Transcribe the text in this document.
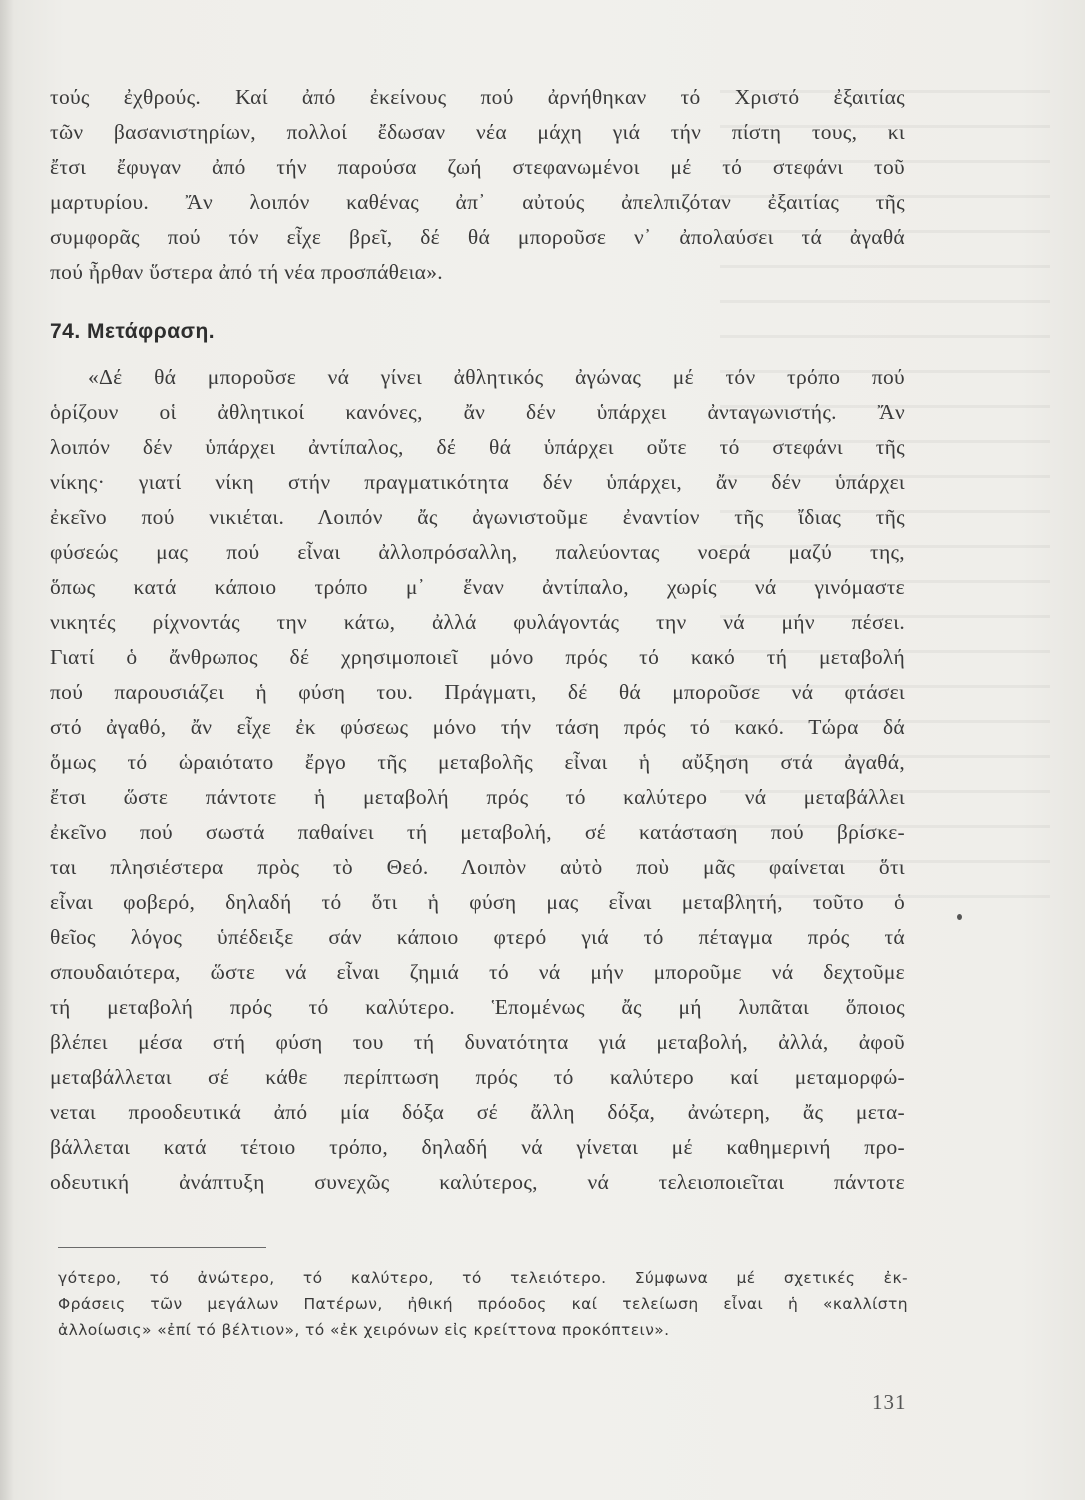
τούς ἐχθρούς. Καί ἀπό ἐκείνους πού ἀρνήθηκαν τό Χριστό ἐξαιτίας
τῶν βασανιστηρίων, πολλοί ἔδωσαν νέα μάχη γιά τήν πίστη τους, κι
ἔτσι ἔφυγαν ἀπό τήν παρούσα ζωή στεφανωμένοι μέ τό στεφάνι τοῦ
μαρτυρίου. Ἄν λοιπόν καθένας ἀπ᾽ αὐτούς ἀπελπιζόταν ἐξαιτίας τῆς
συμφορᾶς πού τόν εἶχε βρεῖ, δέ θά μποροῦσε ν᾽ ἀπολαύσει τά ἀγαθά
πού ἦρθαν ὕστερα ἀπό τή νέα προσπάθεια».
74. Μετάφραση.
«Δέ θά μποροῦσε νά γίνει ἀθλητικός ἀγώνας μέ τόν τρόπο πού
ὁρίζουν οἱ ἀθλητικοί κανόνες, ἄν δέν ὑπάρχει ἀνταγωνιστής. Ἄν
λοιπόν δέν ὑπάρχει ἀντίπαλος, δέ θά ὑπάρχει οὔτε τό στεφάνι τῆς
νίκης· γιατί νίκη στήν πραγματικότητα δέν ὑπάρχει, ἄν δέν ὑπάρχει
ἐκεῖνο πού νικιέται. Λοιπόν ἄς ἀγωνιστοῦμε ἐναντίον τῆς ἴδιας τῆς
φύσεώς μας πού εἶναι ἀλλοπρόσαλλη, παλεύοντας νοερά μαζύ της,
ὅπως κατά κάποιο τρόπο μ᾽ ἕναν ἀντίπαλο, χωρίς νά γινόμαστε
νικητές ρίχνοντάς την κάτω, ἀλλά φυλάγοντάς την νά μήν πέσει.
Γιατί ὁ ἄνθρωπος δέ χρησιμοποιεῖ μόνο πρός τό κακό τή μεταβολή
πού παρουσιάζει ἡ φύση του. Πράγματι, δέ θά μποροῦσε νά φτάσει
στό ἀγαθό, ἄν εἶχε ἐκ φύσεως μόνο τήν τάση πρός τό κακό. Τώρα δά
ὅμως τό ὡραιότατο ἔργο τῆς μεταβολῆς εἶναι ἡ αὔξηση στά ἀγαθά,
ἔτσι ὥστε πάντοτε ἡ μεταβολή πρός τό καλύτερο νά μεταβάλλει
ἐκεῖνο πού σωστά παθαίνει τή μεταβολή, σέ κατάσταση πού βρίσκε-
ται πλησιέστερα πρὸς τὸ Θεό. Λοιπὸν αὐτὸ ποὺ μᾶς φαίνεται ὅτι
εἶναι φοβερό, δηλαδή τό ὅτι ἡ φύση μας εἶναι μεταβλητή, τοῦτο ὁ
θεῖος λόγος ὑπέδειξε σάν κάποιο φτερό γιά τό πέταγμα πρός τά
σπουδαιότερα, ὥστε νά εἶναι ζημιά τό νά μήν μποροῦμε νά δεχτοῦμε
τή μεταβολή πρός τό καλύτερο. Ἑπομένως ἄς μή λυπᾶται ὅποιος
βλέπει μέσα στή φύση του τή δυνατότητα γιά μεταβολή, ἀλλά, ἀφοῦ
μεταβάλλεται σέ κάθε περίπτωση πρός τό καλύτερο καί μεταμορφώ-
νεται προοδευτικά ἀπό μία δόξα σέ ἄλλη δόξα, ἀνώτερη, ἄς μετα-
βάλλεται κατά τέτοιο τρόπο, δηλαδή νά γίνεται μέ καθημερινή προ-
οδευτική ἀνάπτυξη συνεχῶς καλύτερος, νά τελειοποιεῖται πάντοτε
γότερο, τό ἀνώτερο, τό καλύτερο, τό τελειότερο. Σύμφωνα μέ σχετικές ἐκ-
Φράσεις τῶν μεγάλων Πατέρων, ἠθική πρόοδος καί τελείωση εἶναι ἡ «καλλίστη
ἀλλοίωσις» «ἐπί τό βέλτιον», τό «ἐκ χειρόνων εἰς κρείττονα προκόπτειν».
131
